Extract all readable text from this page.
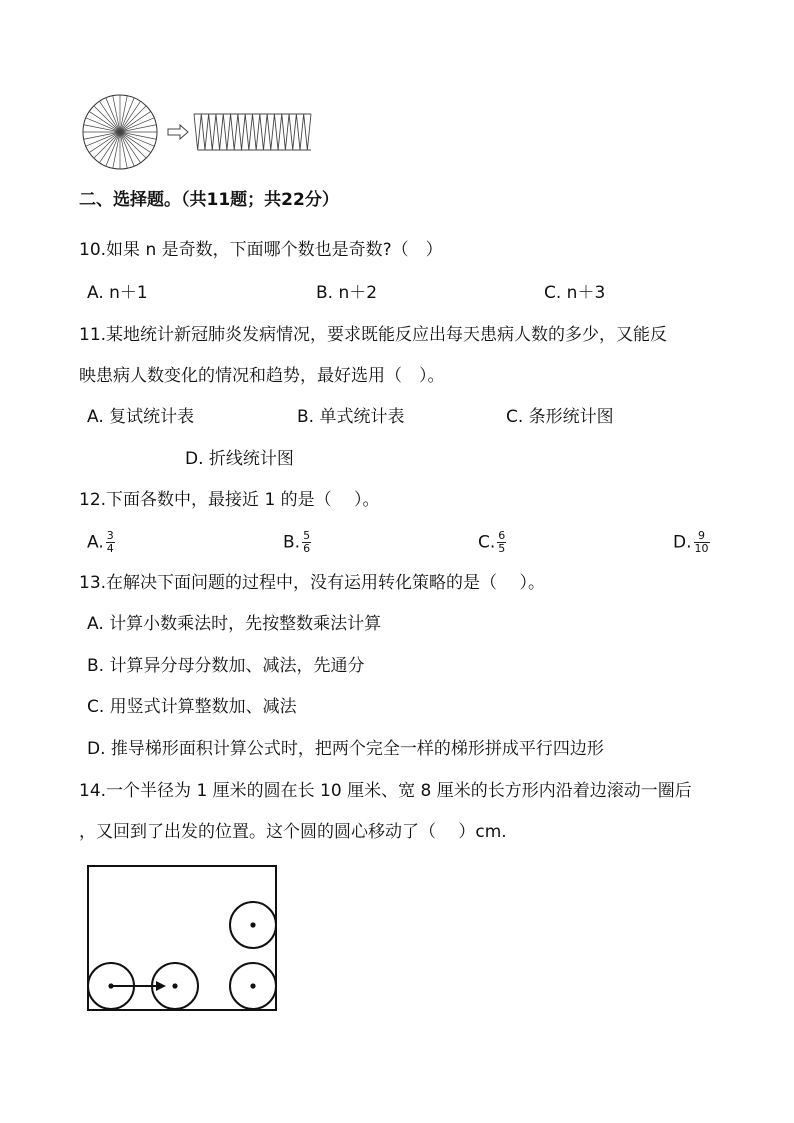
二、选择题。（共11题；共22分）
10.如果 n 是奇数，下面哪个数也是奇数?（　）
A. n＋1	B. n＋2	C. n＋3
11.某地统计新冠肺炎发病情况，要求既能反应出每天患病人数的多少，又能反
映患病人数变化的情况和趋势，最好选用（　）。
A. 复试统计表	B. 单式统计表	C. 条形统计图
D. 折线统计图
12.下面各数中，最接近 1 的是（　 ）。
A. $\frac{3}{4}$	B. $\frac{5}{6}$	C. $\frac{6}{5}$	D. $\frac{9}{10}$
13.在解决下面问题的过程中，没有运用转化策略的是（　 ）。
A. 计算小数乘法时，先按整数乘法计算
B. 计算异分母分数加、减法，先通分
C. 用竖式计算整数加、减法
D. 推导梯形面积计算公式时，把两个完全一样的梯形拼成平行四边形
14.一个半径为 1 厘米的圆在长 10 厘米、宽 8 厘米的长方形内沿着边滚动一圈后
，又回到了出发的位置。这个圆的圆心移动了（　 ）cm.
